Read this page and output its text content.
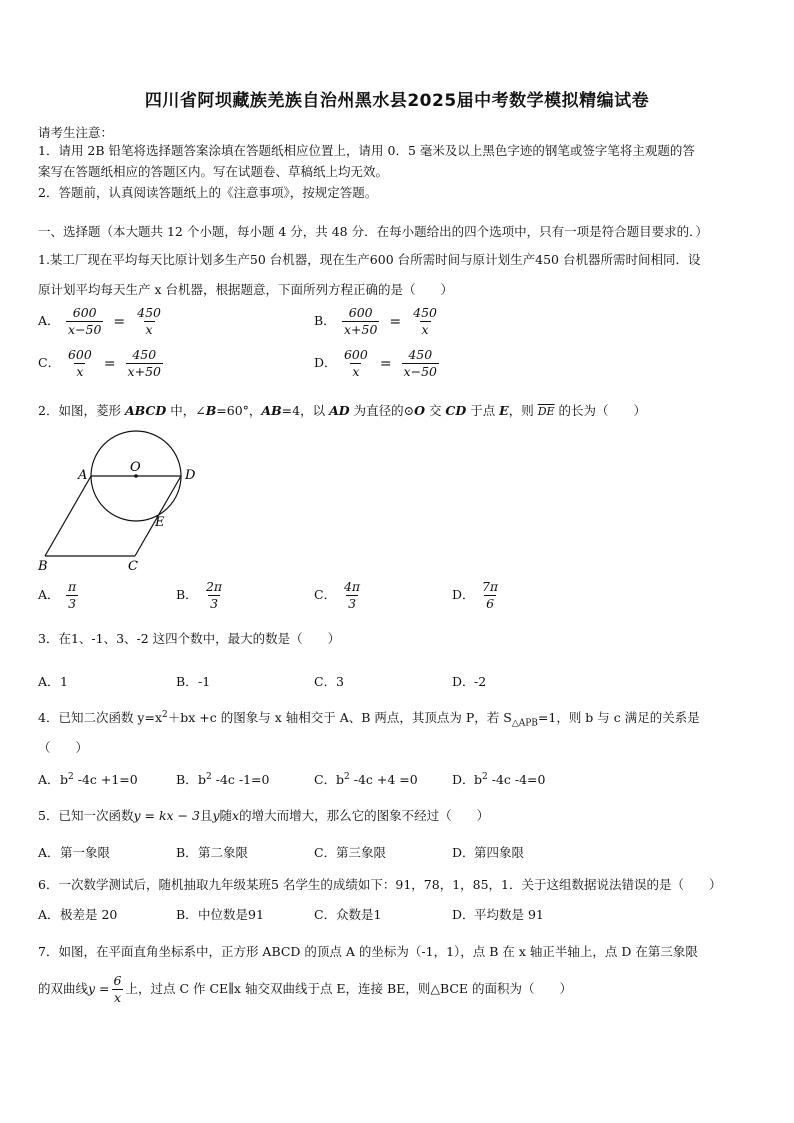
四川省阿坝藏族羌族自治州黑水县2025届中考数学模拟精编试卷
请考生注意：
1．请用 2B 铅笔将选择题答案涂填在答题纸相应位置上，请用 0．5 毫米及以上黑色字迹的钢笔或签字笔将主观题的答
案写在答题纸相应的答题区内。写在试题卷、草稿纸上均无效。
2．答题前，认真阅读答题纸上的《注意事项》，按规定答题。
一、选择题（本大题共 12 个小题，每小题 4 分，共 48 分．在每小题给出的四个选项中，只有一项是符合题目要求的．）
1.某工厂现在平均每天比原计划多生产50 台机器，现在生产600 台所需时间与原计划生产450 台机器所需时间相同．设
原计划平均每天生产 x 台机器，根据题意，下面所列方程正确的是（　　）
A． $\frac{600}{x-50} = \frac{450}{x}$	B． $\frac{600}{x+50} = \frac{450}{x}$
C． $\frac{600}{x} = \frac{450}{x+50}$	D． $\frac{600}{x} = \frac{450}{x-50}$
2．如图，菱形 ABCD 中，∠B=60°，AB=4，以 AD 为直径的⊙O 交 CD 于点 E，则 $\overline{DE}$ 的长为（　　）
A
O
D
E
B	C
A． $\frac{\pi}{3}$	B． $\frac{2\pi}{3}$	C． $\frac{4\pi}{3}$	D． $\frac{7\pi}{6}$
3．在1、-1、3、-2 这四个数中，最大的数是（　　）
A．1	B．-1	C．3	D．-2
4．已知二次函数 $y=x^2+bx +c$ 的图象与 x 轴相交于 A、B 两点，其顶点为 P，若 $S_{\triangle APB}=1$，则 b 与 c 满足的关系是
（　　）
A．$b^2$ -4c +1=0	B．$b^2$ -4c -1=0	C．$b^2$ -4c +4 =0	D．$b^2$ -4c -4=0
5．已知一次函数y = kx − 3且y随x的增大而增大，那么它的图象不经过（　　）
A．第一象限	B．第二象限	C．第三象限	D．第四象限
6．一次数学测试后，随机抽取九年级某班5 名学生的成绩如下：91，78，1，85，1．关于这组数据说法错误的是（　　）
A．极差是 20	B．中位数是91	C．众数是1	D．平均数是 91
7．如图，在平面直角坐标系中，正方形 ABCD 的顶点 A 的坐标为（-1，1），点 B 在 x 轴正半轴上，点 D 在第三象限
的双曲线$y = \frac{6}{x}$ 上，过点 C 作 CE∥x 轴交双曲线于点 E，连接 BE，则△BCE 的面积为（　　）
